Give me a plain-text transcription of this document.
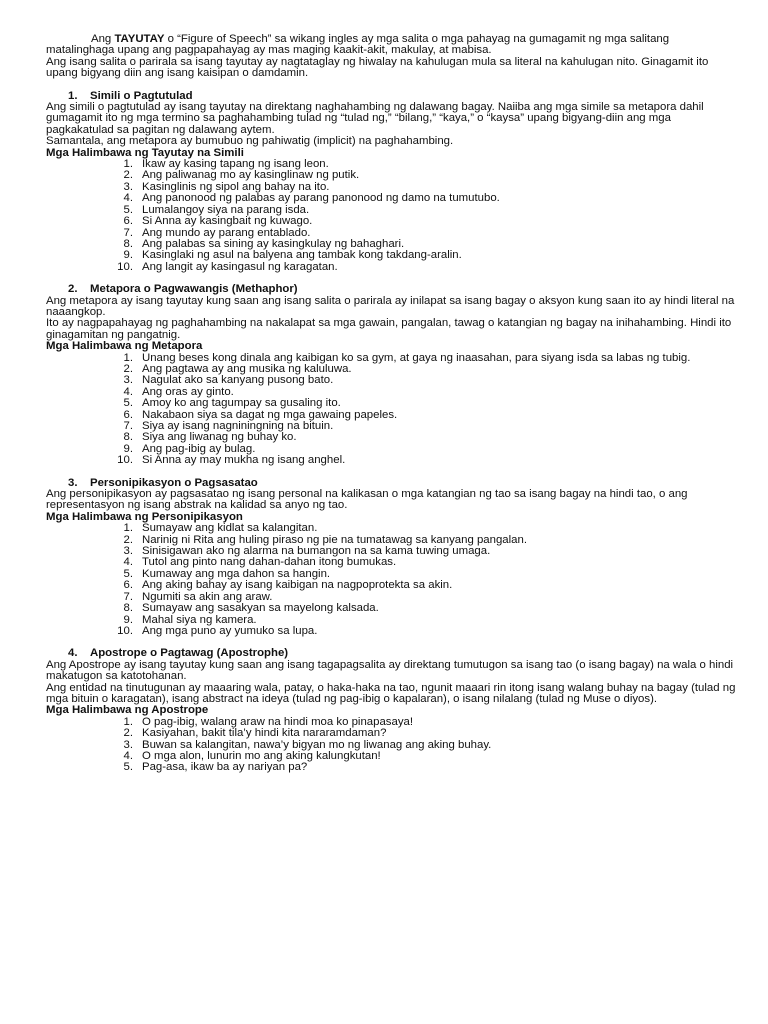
Ang TAYUTAY o “Figure of Speech” sa wikang ingles ay mga salita o mga pahayag na gumagamit ng mga salitang matalinghaga upang ang pagpapahayag ay mas maging kaakit-akit, makulay, at mabisa.

Ang isang salita o parirala sa isang tayutay ay nagtataglay ng hiwalay na kahulugan mula sa literal na kahulugan nito. Ginagamit ito upang bigyang diin ang isang kaisipan o damdamin.

1.	Simili o Pagtutulad

Ang simili o pagtutulad ay isang tayutay na direktang naghahambing ng dalawang bagay. Naiiba ang mga simile sa metapora dahil gumagamit ito ng mga termino sa paghahambing tulad ng “tulad ng,” “bilang,” “kaya,” o “kaysa” upang bigyang-diin ang mga pagkakatulad sa pagitan ng dalawang aytem.

Samantala, ang metapora ay bumubuo ng pahiwatig (implicit) na paghahambing.

Mga Halimbawa ng Tayutay na Simili

1. Ikaw ay kasing tapang ng isang leon.
2. Ang paliwanag mo ay kasinglinaw ng putik.
3. Kasinglinis ng sipol ang bahay na ito.
4. Ang panonood ng palabas ay parang panonood ng damo na tumutubo.
5. Lumalangoy siya na parang isda.
6. Si Anna ay kasingbait ng kuwago.
7. Ang mundo ay parang entablado.
8. Ang palabas sa sining ay kasingkulay ng bahaghari.
9. Kasinglaki ng asul na balyena ang tambak kong takdang-aralin.
10. Ang langit ay kasingasul ng karagatan.
2.	Metapora o Pagwawangis (Methaphor)

Ang metapora ay isang tayutay kung saan ang isang salita o parirala ay inilapat sa isang bagay o aksyon kung saan ito ay hindi literal na naaangkop.

Ito ay nagpapahayag ng paghahambing na nakalapat sa mga gawain, pangalan, tawag o katangian ng bagay na inihahambing. Hindi ito ginagamitan ng pangatnig.

Mga Halimbawa ng Metapora

1. Unang beses kong dinala ang kaibigan ko sa gym, at gaya ng inaasahan, para siyang isda sa labas ng tubig.
2. Ang pagtawa ay ang musika ng kaluluwa.
3. Nagulat ako sa kanyang pusong bato.
4. Ang oras ay ginto.
5. Amoy ko ang tagumpay sa gusaling ito.
6. Nakabaon siya sa dagat ng mga gawaing papeles.
7. Siya ay isang nagniningning na bituin.
8. Siya ang liwanag ng buhay ko.
9. Ang pag-ibig ay bulag.
10. Si Anna ay may mukha ng isang anghel.
3.	Personipikasyon o Pagsasatao

Ang personipikasyon ay pagsasatao ng isang personal na kalikasan o mga katangian ng tao sa isang bagay na hindi tao, o ang representasyon ng isang abstrak na kalidad sa anyo ng tao.

Mga Halimbawa ng Personipikasyon

1. Sumayaw ang kidlat sa kalangitan.
2. Narinig ni Rita ang huling piraso ng pie na tumatawag sa kanyang pangalan.
3. Sinisigawan ako ng alarma na bumangon na sa kama tuwing umaga.
4. Tutol ang pinto nang dahan-dahan itong bumukas.
5. Kumaway ang mga dahon sa hangin.
6. Ang aking bahay ay isang kaibigan na nagpoprotekta sa akin.
7. Ngumiti sa akin ang araw.
8. Sumayaw ang sasakyan sa mayelong kalsada.
9. Mahal siya ng kamera.
10. Ang mga puno ay yumuko sa lupa.
4.	Apostrope o Pagtawag (Apostrophe)

Ang Apostrope ay isang tayutay kung saan ang isang tagapagsalita ay direktang tumutugon sa isang tao (o isang bagay) na wala o hindi makatugon sa katotohanan.

Ang entidad na tinutugunan ay maaaring wala, patay, o haka-haka na tao, ngunit maaari rin itong isang walang buhay na bagay (tulad ng mga bituin o karagatan), isang abstract na ideya (tulad ng pag-ibig o kapalaran), o isang nilalang (tulad ng Muse o diyos).

Mga Halimbawa ng Apostrope

1. O pag-ibig, walang araw na hindi moa ko pinapasaya!
2. Kasiyahan, bakit tila’y hindi kita nararamdaman?
3. Buwan sa kalangitan, nawa’y bigyan mo ng liwanag ang aking buhay.
4. O mga alon, lunurin mo ang aking kalungkutan!
5. Pag-asa, ikaw ba ay nariyan pa?
